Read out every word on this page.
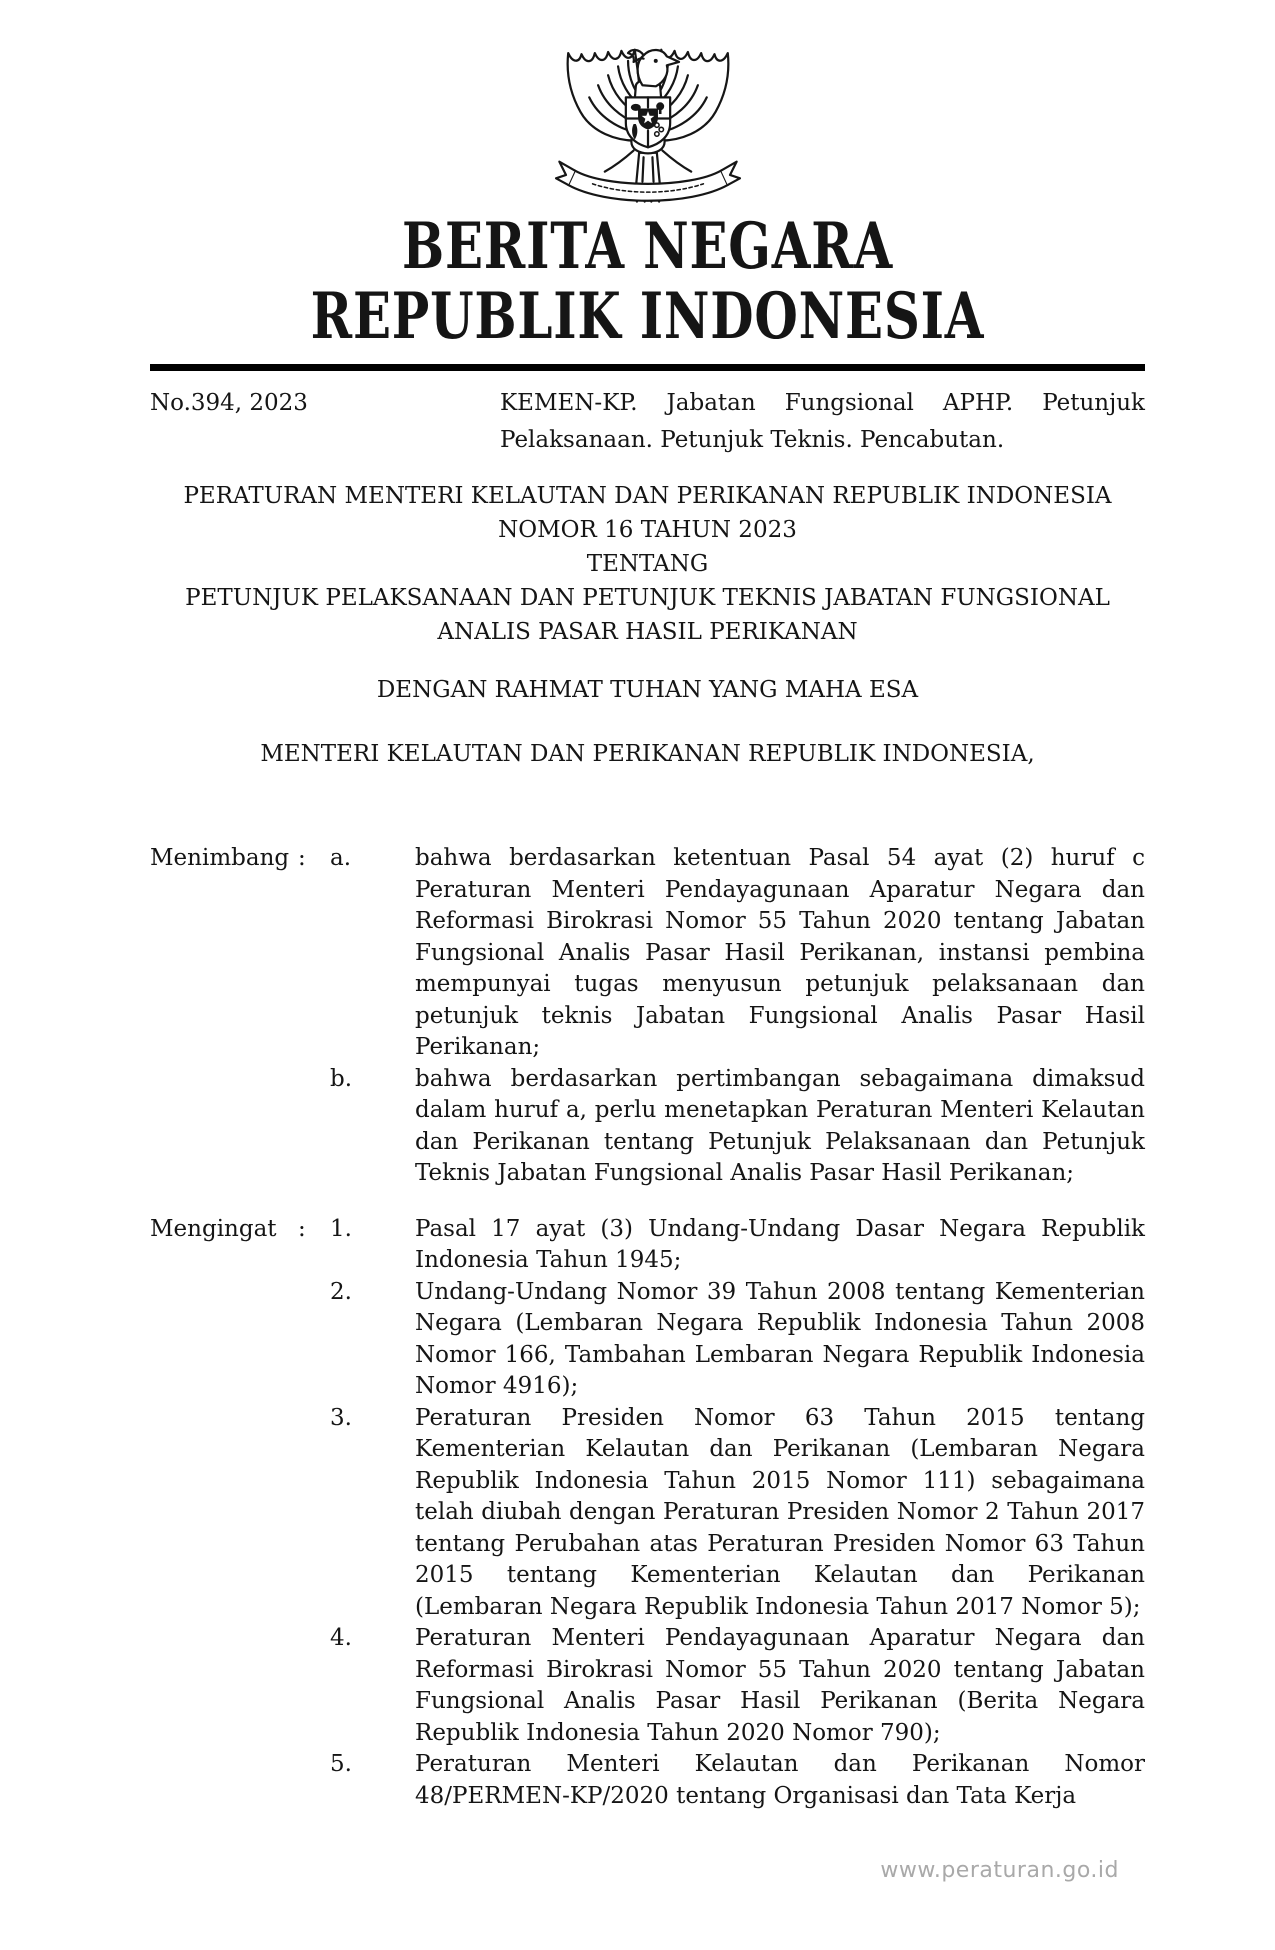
BERITA NEGARA
REPUBLIK INDONESIA
No.394, 2023	KEMEN-KP. Jabatan Fungsional APHP. Petunjuk Pelaksanaan. Petunjuk Teknis. Pencabutan.

PERATURAN MENTERI KELAUTAN DAN PERIKANAN REPUBLIK INDONESIA
NOMOR 16 TAHUN 2023
TENTANG
PETUNJUK PELAKSANAAN DAN PETUNJUK TEKNIS JABATAN FUNGSIONAL
ANALIS PASAR HASIL PERIKANAN
DENGAN RAHMAT TUHAN YANG MAHA ESA
MENTERI KELAUTAN DAN PERIKANAN REPUBLIK INDONESIA,
Menimbang :	a.	bahwa berdasarkan ketentuan Pasal 54 ayat (2) huruf c Peraturan Menteri Pendayagunaan Aparatur Negara dan Reformasi Birokrasi Nomor 55 Tahun 2020 tentang Jabatan Fungsional Analis Pasar Hasil Perikanan, instansi pembina mempunyai tugas menyusun petunjuk pelaksanaan dan petunjuk teknis Jabatan Fungsional Analis Pasar Hasil Perikanan;
b.	bahwa berdasarkan pertimbangan sebagaimana dimaksud dalam huruf a, perlu menetapkan Peraturan Menteri Kelautan dan Perikanan tentang Petunjuk Pelaksanaan dan Petunjuk Teknis Jabatan Fungsional Analis Pasar Hasil Perikanan;
Mengingat :	1.	Pasal 17 ayat (3) Undang-Undang Dasar Negara Republik Indonesia Tahun 1945;
2.	Undang-Undang Nomor 39 Tahun 2008 tentang Kementerian Negara (Lembaran Negara Republik Indonesia Tahun 2008 Nomor 166, Tambahan Lembaran Negara Republik Indonesia Nomor 4916);
3.	Peraturan Presiden Nomor 63 Tahun 2015 tentang Kementerian Kelautan dan Perikanan (Lembaran Negara Republik Indonesia Tahun 2015 Nomor 111) sebagaimana telah diubah dengan Peraturan Presiden Nomor 2 Tahun 2017 tentang Perubahan atas Peraturan Presiden Nomor 63 Tahun 2015 tentang Kementerian Kelautan dan Perikanan (Lembaran Negara Republik Indonesia Tahun 2017 Nomor 5);
4.	Peraturan Menteri Pendayagunaan Aparatur Negara dan Reformasi Birokrasi Nomor 55 Tahun 2020 tentang Jabatan Fungsional Analis Pasar Hasil Perikanan (Berita Negara Republik Indonesia Tahun 2020 Nomor 790);
5.	Peraturan Menteri Kelautan dan Perikanan Nomor 48/PERMEN-KP/2020 tentang Organisasi dan Tata Kerja
www.peraturan.go.id
